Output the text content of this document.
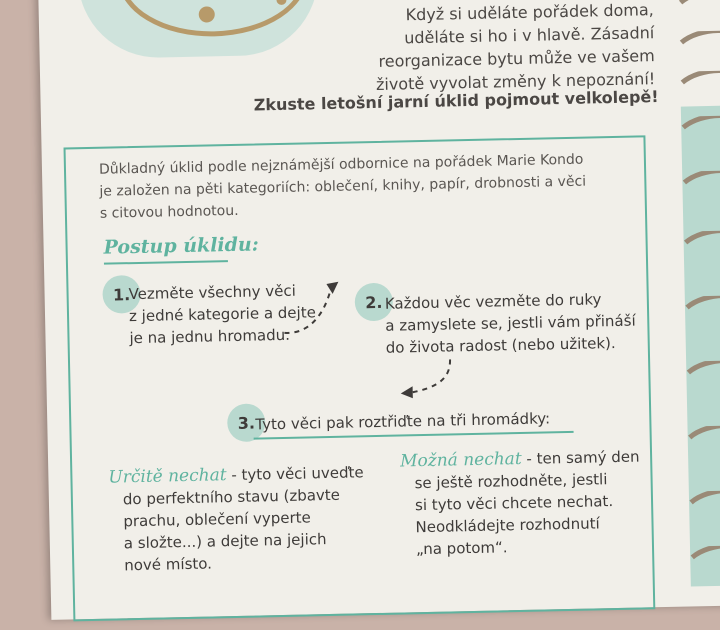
Když si uděláte pořádek doma,
uděláte si ho i v hlavě. Zásadní
reorganizace bytu může ve vašem
životě vyvolat změny k nepoznání!
Zkuste letošní jarní úklid pojmout velkolepě!
Důkladný úklid podle nejznámější odbornice na pořádek Marie Kondo
je založen na pěti kategoriích: oblečení, knihy, papír, drobnosti a věci
s citovou hodnotou.
Postup úklidu:
1.
Vezměte všechny věci
z jedné kategorie a dejte
je na jednu hromadu.
2. Každou věc vezměte do ruky
a zamyslete se, jestli vám přináší
do života radost (nebo užitek).
3. Tyto věci pak roztřiďte na tři hromádky:
Určitě nechat - tyto věci uveďte
do perfektního stavu (zbavte
prachu, oblečení vyperte
a složte...) a dejte na jejich
nové místo.
Možná nechat - ten samý den
se ještě rozhodněte, jestli
si tyto věci chcete nechat.
Neodkládejte rozhodnutí
„na potom“.
